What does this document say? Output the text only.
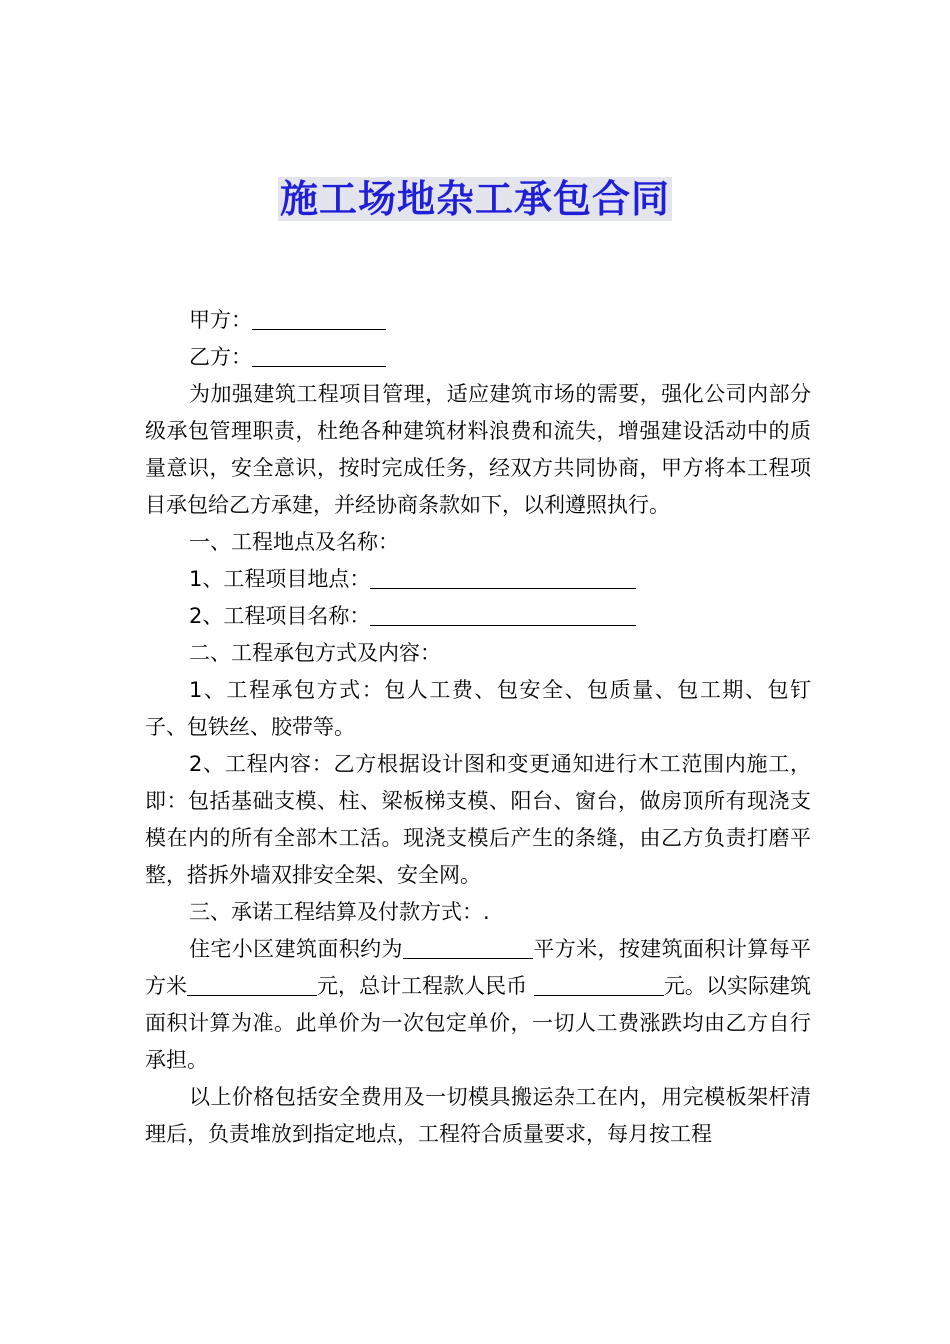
施工场地杂工承包合同

甲方：

乙方：

为加强建筑工程项目管理，适应建筑市场的需要，强化公司内部分级承包管理职责，杜绝各种建筑材料浪费和流失，增强建设活动中的质量意识，安全意识，按时完成任务，经双方共同协商，甲方将本工程项目承包给乙方承建，并经协商条款如下，以利遵照执行。

一、工程地点及名称：

1、工程项目地点：

2、工程项目名称：

二、工程承包方式及内容：

1、工程承包方式：包人工费、包安全、包质量、包工期、包钉子、包铁丝、胶带等。

2、工程内容：乙方根据设计图和变更通知进行木工范围内施工，即：包括基础支模、柱、梁板梯支模、阳台、窗台，做房顶所有现浇支模在内的所有全部木工活。现浇支模后产生的条缝，由乙方负责打磨平整，搭拆外墙双排安全架、安全网。

三、承诺工程结算及付款方式：.

住宅小区建筑面积约为	平方米，按建筑面积计算每平方米	元，总计工程款人民币	元。以实际建筑面积计算为准。此单价为一次包定单价，一切人工费涨跌均由乙方自行承担。

以上价格包括安全费用及一切模具搬运杂工在内，用完模板架杆清理后，负责堆放到指定地点，工程符合质量要求，每月按工程
